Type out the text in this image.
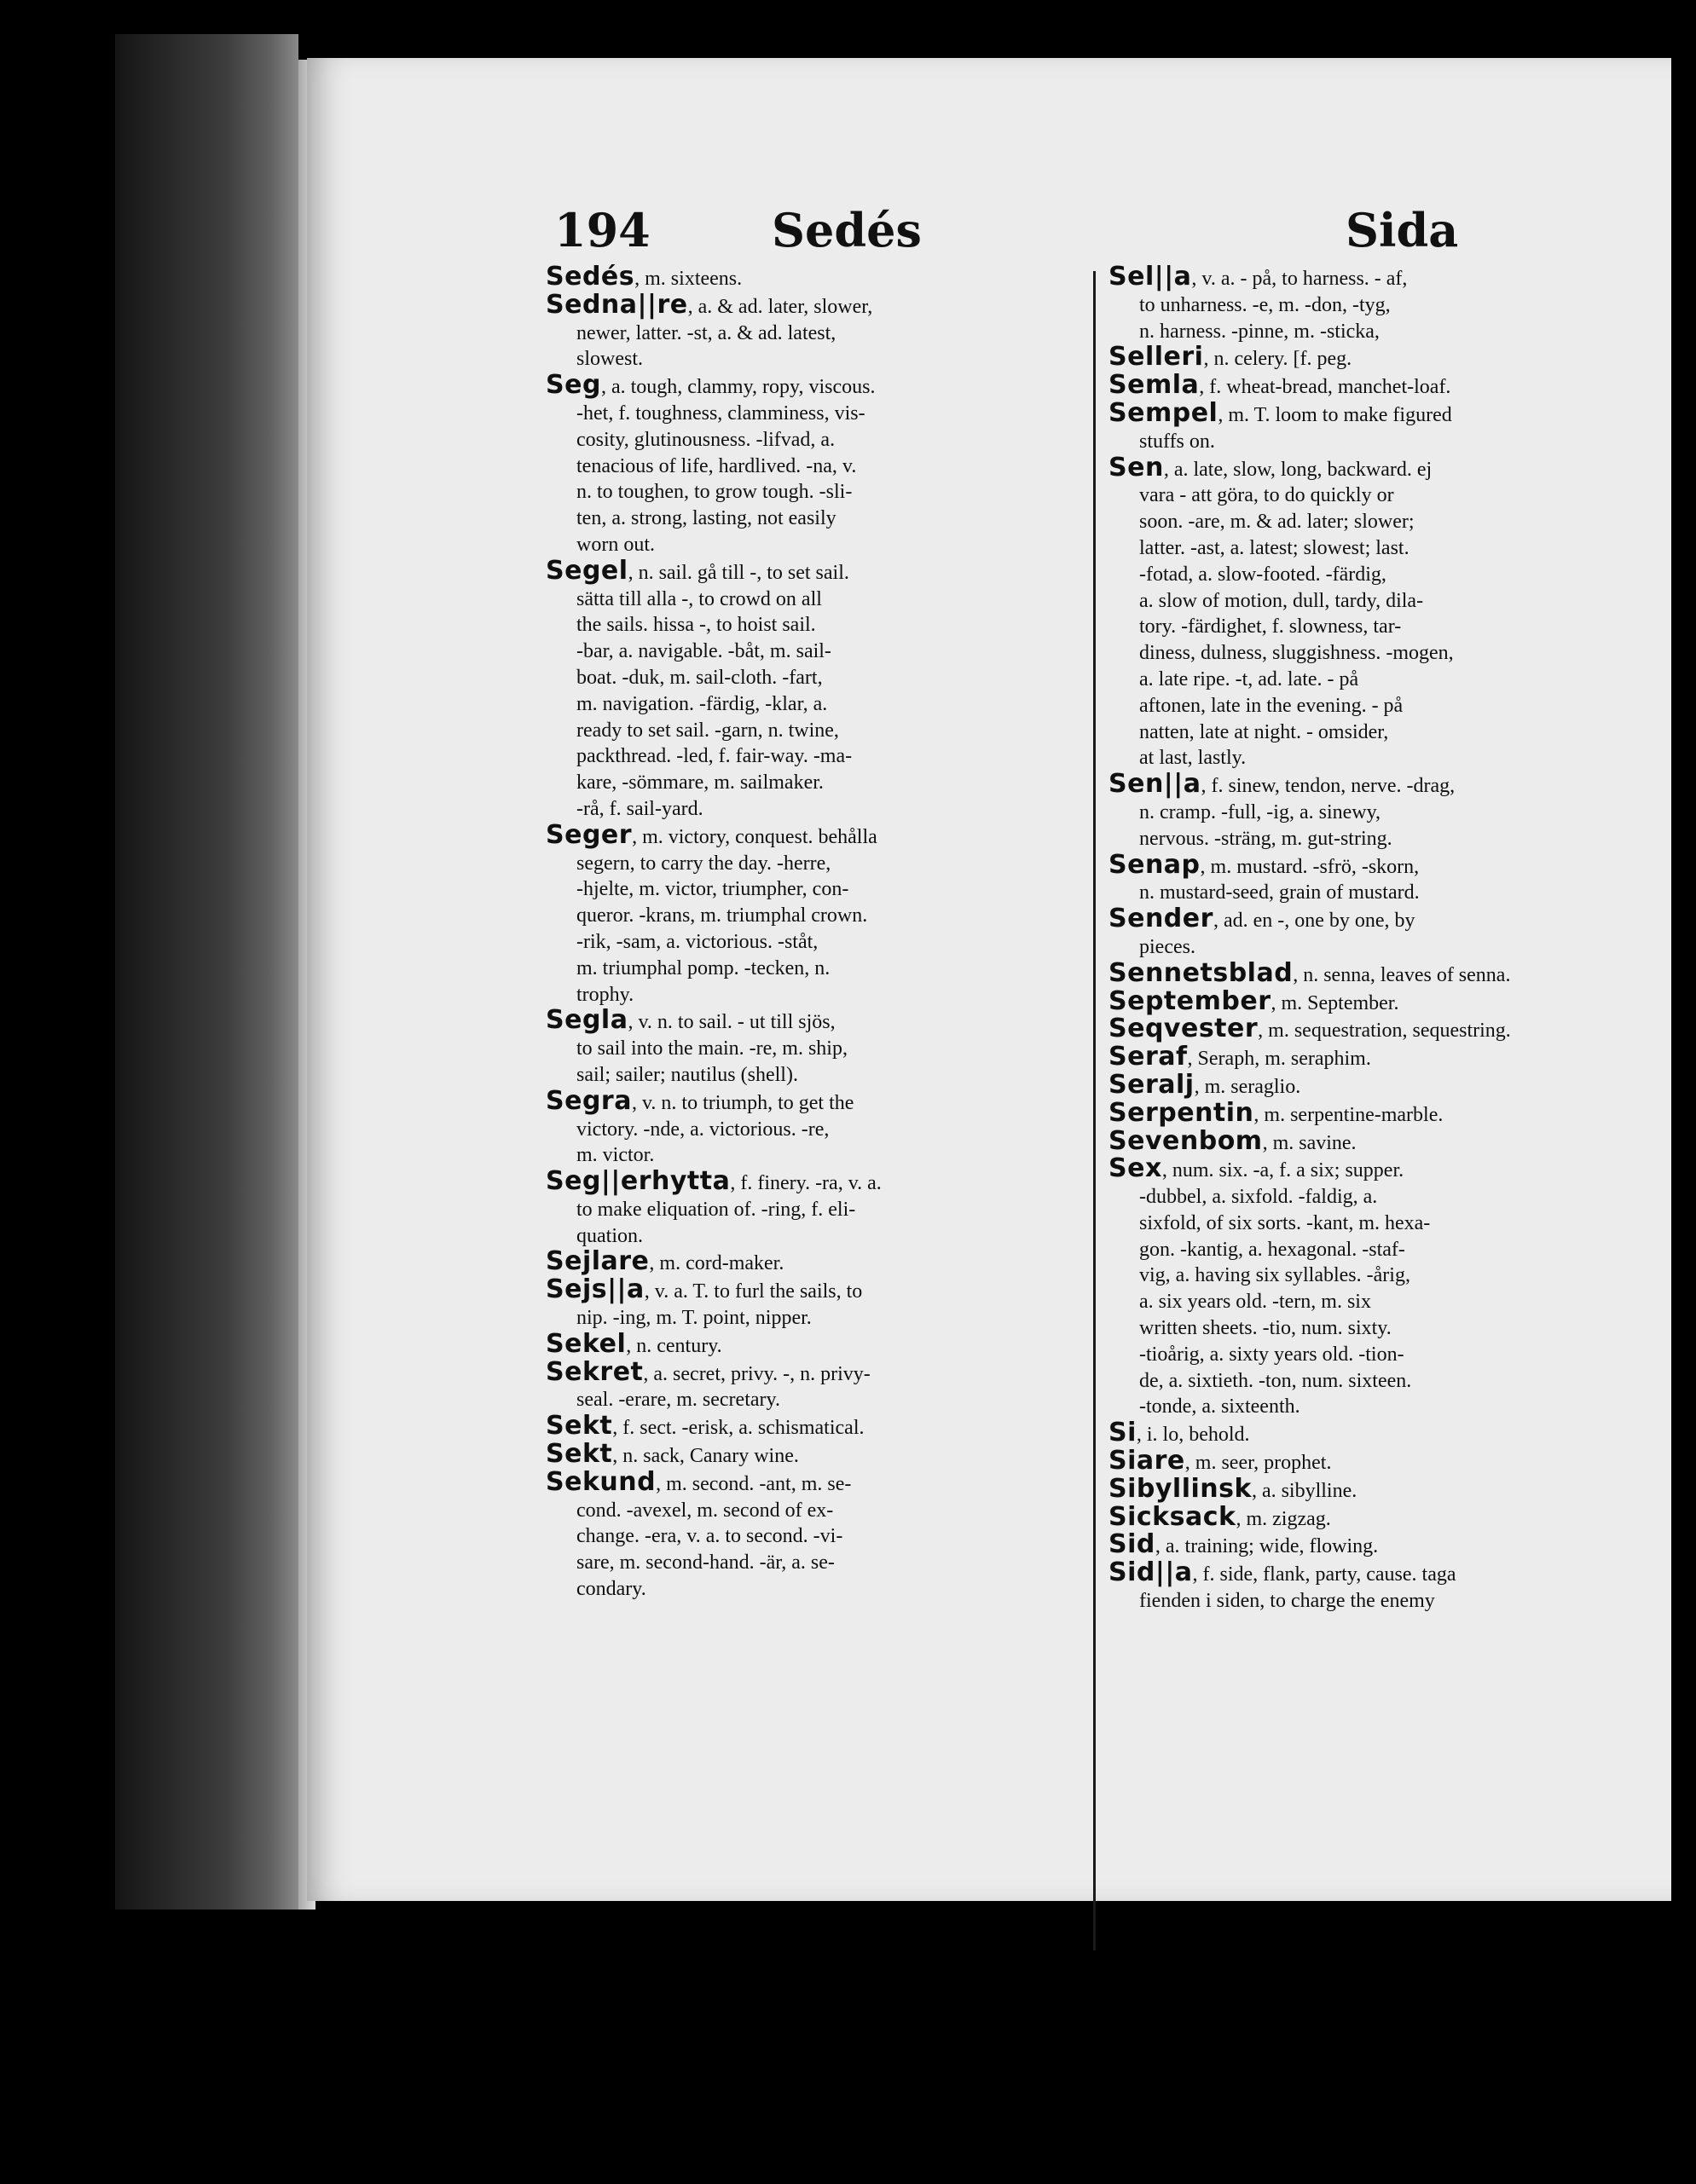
194	Sedés	Sida
Sedés, m. sixteens.
Sedna||re, a. & ad. later, slower,
newer, latter. -st, a. & ad. latest,
slowest.
Seg, a. tough, clammy, ropy, viscous.
-het, f. toughness, clamminess, vis-
cosity, glutinousness. -lifvad, a.
tenacious of life, hardlived. -na, v.
n. to toughen, to grow tough. -sli-
ten, a. strong, lasting, not easily
worn out.
Segel, n. sail. gå till -, to set sail.
sätta till alla -, to crowd on all
the sails. hissa -, to hoist sail.
-bar, a. navigable. -båt, m. sail-
boat. -duk, m. sail-cloth. -fart,
m. navigation. -färdig, -klar, a.
ready to set sail. -garn, n. twine,
packthread. -led, f. fair-way. -ma-
kare, -sömmare, m. sailmaker.
-rå, f. sail-yard.
Seger, m. victory, conquest. behålla
segern, to carry the day. -herre,
-hjelte, m. victor, triumpher, con-
queror. -krans, m. triumphal crown.
-rik, -sam, a. victorious. -ståt,
m. triumphal pomp. -tecken, n.
trophy.
Segla, v. n. to sail. - ut till sjös,
to sail into the main. -re, m. ship,
sail; sailer; nautilus (shell).
Segra, v. n. to triumph, to get the
victory. -nde, a. victorious. -re,
m. victor.
Seg||erhytta, f. finery. -ra, v. a.
to make eliquation of. -ring, f. eli-
quation.
Sejlare, m. cord-maker.
Sejs||a, v. a. T. to furl the sails, to
nip. -ing, m. T. point, nipper.
Sekel, n. century.
Sekret, a. secret, privy. -, n. privy-
seal. -erare, m. secretary.
Sekt, f. sect. -erisk, a. schismatical.
Sekt, n. sack, Canary wine.
Sekund, m. second. -ant, m. se-
cond. -avexel, m. second of ex-
change. -era, v. a. to second. -vi-
sare, m. second-hand. -är, a. se-
condary.
Sel||a, v. a. - på, to harness. - af,
to unharness. -e, m. -don, -tyg,
n. harness. -pinne, m. -sticka,
Selleri, n. celery. [f. peg.
Semla, f. wheat-bread, manchet-loaf.
Sempel, m. T. loom to make figured
stuffs on.
Sen, a. late, slow, long, backward. ej
vara - att göra, to do quickly or
soon. -are, m. & ad. later; slower;
latter. -ast, a. latest; slowest; last.
-fotad, a. slow-footed. -färdig,
a. slow of motion, dull, tardy, dila-
tory. -färdighet, f. slowness, tar-
diness, dulness, sluggishness. -mogen,
a. late ripe. -t, ad. late. - på
aftonen, late in the evening. - på
natten, late at night. - omsider,
at last, lastly.
Sen||a, f. sinew, tendon, nerve. -drag,
n. cramp. -full, -ig, a. sinewy,
nervous. -sträng, m. gut-string.
Senap, m. mustard. -sfrö, -skorn,
n. mustard-seed, grain of mustard.
Sender, ad. en -, one by one, by
pieces.
Sennetsblad, n. senna, leaves of senna.
September, m. September.
Seqvester, m. sequestration, sequestring.
Seraf, Seraph, m. seraphim.
Seralj, m. seraglio.
Serpentin, m. serpentine-marble.
Sevenbom, m. savine.
Sex, num. six. -a, f. a six; supper.
-dubbel, a. sixfold. -faldig, a.
sixfold, of six sorts. -kant, m. hexa-
gon. -kantig, a. hexagonal. -staf-
vig, a. having six syllables. -årig,
a. six years old. -tern, m. six
written sheets. -tio, num. sixty.
-tioårig, a. sixty years old. -tion-
de, a. sixtieth. -ton, num. sixteen.
-tonde, a. sixteenth.
Si, i. lo, behold.
Siare, m. seer, prophet.
Sibyllinsk, a. sibylline.
Sicksack, m. zigzag.
Sid, a. training; wide, flowing.
Sid||a, f. side, flank, party, cause. taga
fienden i siden, to charge the enemy
